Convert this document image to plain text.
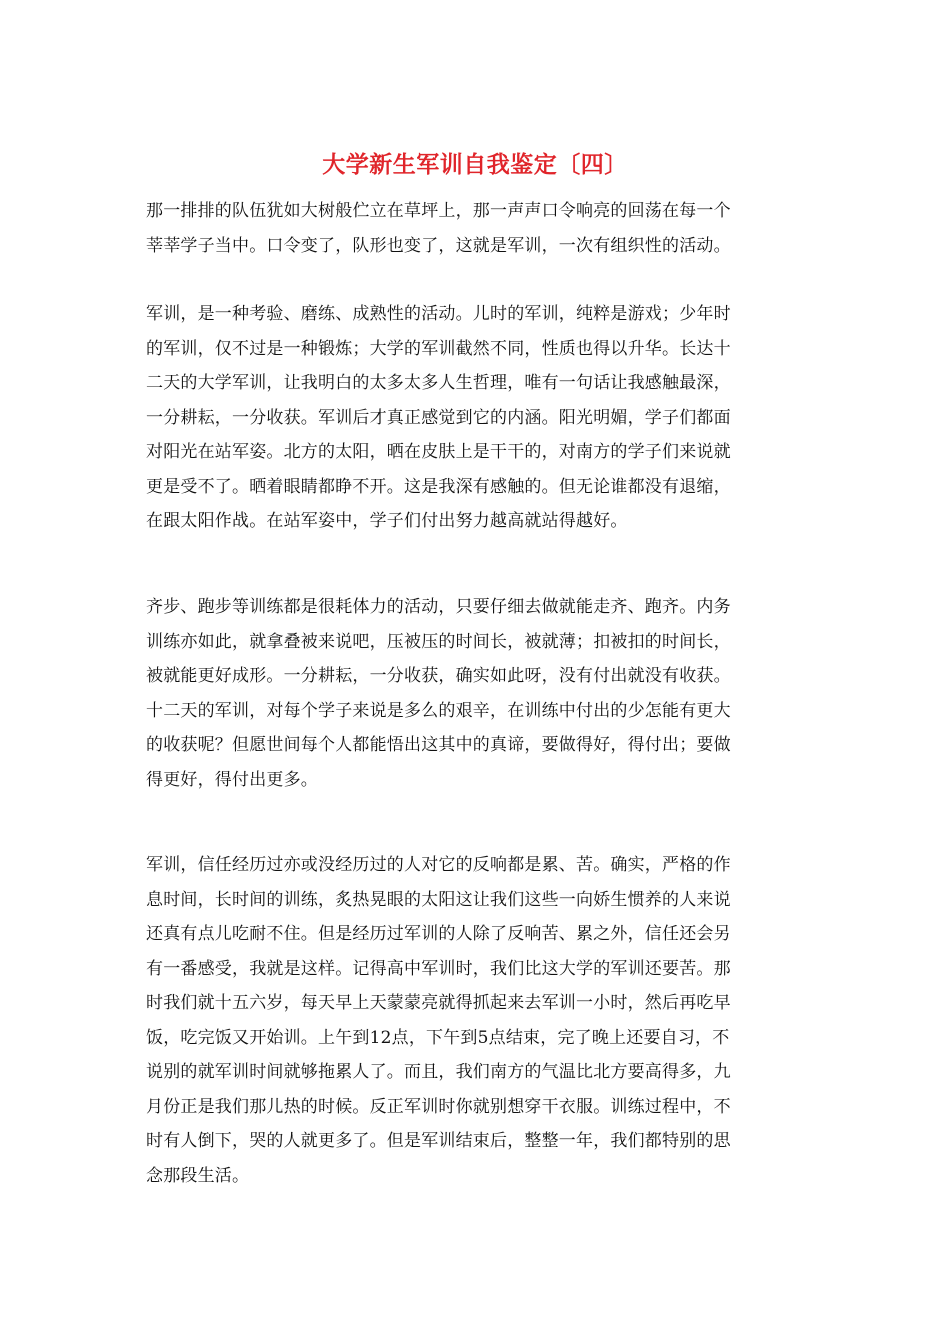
大学新生军训自我鉴定〔四〕
那一排排的队伍犹如大树般伫立在草坪上，那一声声口令响亮的回荡在每一个
莘莘学子当中。口令变了，队形也变了，这就是军训，一次有组织性的活动。
军训，是一种考验、磨练、成熟性的活动。儿时的军训，纯粹是游戏；少年时
的军训，仅不过是一种锻炼；大学的军训截然不同，性质也得以升华。长达十
二天的大学军训，让我明白的太多太多人生哲理，唯有一句话让我感触最深，
一分耕耘，一分收获。军训后才真正感觉到它的内涵。阳光明媚，学子们都面
对阳光在站军姿。北方的太阳，晒在皮肤上是干干的，对南方的学子们来说就
更是受不了。晒着眼睛都睁不开。这是我深有感触的。但无论谁都没有退缩，
在跟太阳作战。在站军姿中，学子们付出努力越高就站得越好。
齐步、跑步等训练都是很耗体力的活动，只要仔细去做就能走齐、跑齐。内务
训练亦如此，就拿叠被来说吧，压被压的时间长，被就薄；扣被扣的时间长，
被就能更好成形。一分耕耘，一分收获，确实如此呀，没有付出就没有收获。
十二天的军训，对每个学子来说是多么的艰辛，在训练中付出的少怎能有更大
的收获呢？但愿世间每个人都能悟出这其中的真谛，要做得好，得付出；要做
得更好，得付出更多。
军训，信任经历过亦或没经历过的人对它的反响都是累、苦。确实，严格的作
息时间，长时间的训练，炙热晃眼的太阳这让我们这些一向娇生惯养的人来说
还真有点儿吃耐不住。但是经历过军训的人除了反响苦、累之外，信任还会另
有一番感受，我就是这样。记得高中军训时，我们比这大学的军训还要苦。那
时我们就十五六岁，每天早上天蒙蒙亮就得抓起来去军训一小时，然后再吃早
饭，吃完饭又开始训。上午到12点，下午到5点结束，完了晚上还要自习，不
说别的就军训时间就够拖累人了。而且，我们南方的气温比北方要高得多，九
月份正是我们那儿热的时候。反正军训时你就别想穿干衣服。训练过程中，不
时有人倒下，哭的人就更多了。但是军训结束后，整整一年，我们都特别的思
念那段生活。
